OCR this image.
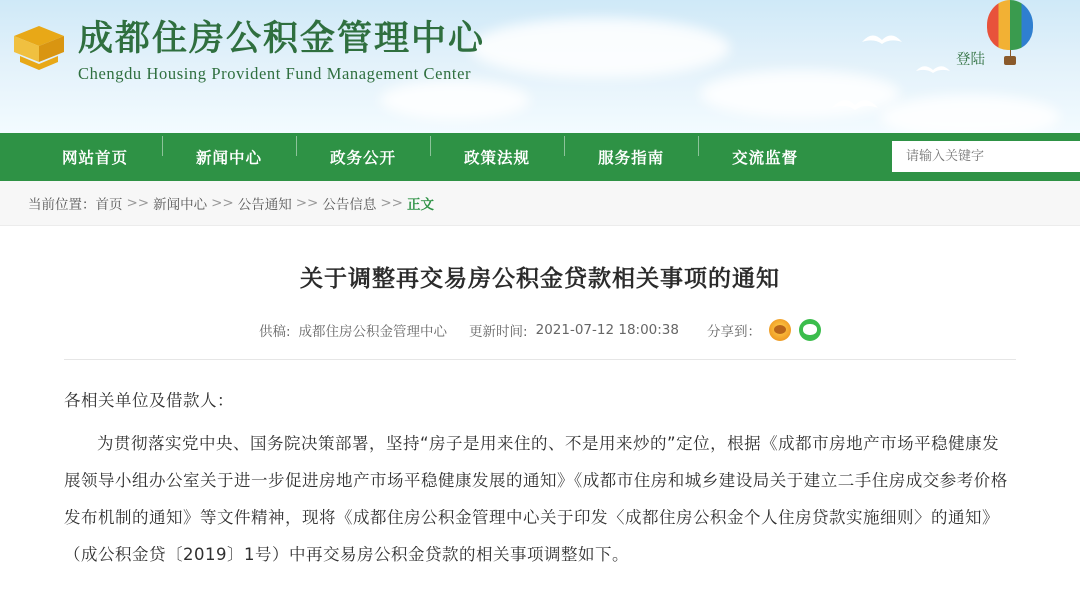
成都住房公积金管理中心
Chengdu Housing Provident Fund Management Center
登陆
网站首页	新闻中心	政务公开	政策法规	服务指南	交流监督
请输入关键字
当前位置： 首页 >> 新闻中心 >> 公告通知 >> 公告信息 >> 正文
关于调整再交易房公积金贷款相关事项的通知
供稿: 成都住房公积金管理中心 更新时间: 2021-07-12 18:00:38 分享到：

各相关单位及借款人：

为贯彻落实党中央、国务院决策部署，坚持“房子是用来住的、不是用来炒的”定位，根据《成都市房地产市场平稳健康发展领导小组办公室关于进一步促进房地产市场平稳健康发展的通知》《成都市住房和城乡建设局关于建立二手住房成交参考价格发布机制的通知》等文件精神，现将《成都住房公积金管理中心关于印发〈成都住房公积金个人住房贷款实施细则〉的通知》（成公积金贷〔2019〕1号）中再交易房公积金贷款的相关事项调整如下。
